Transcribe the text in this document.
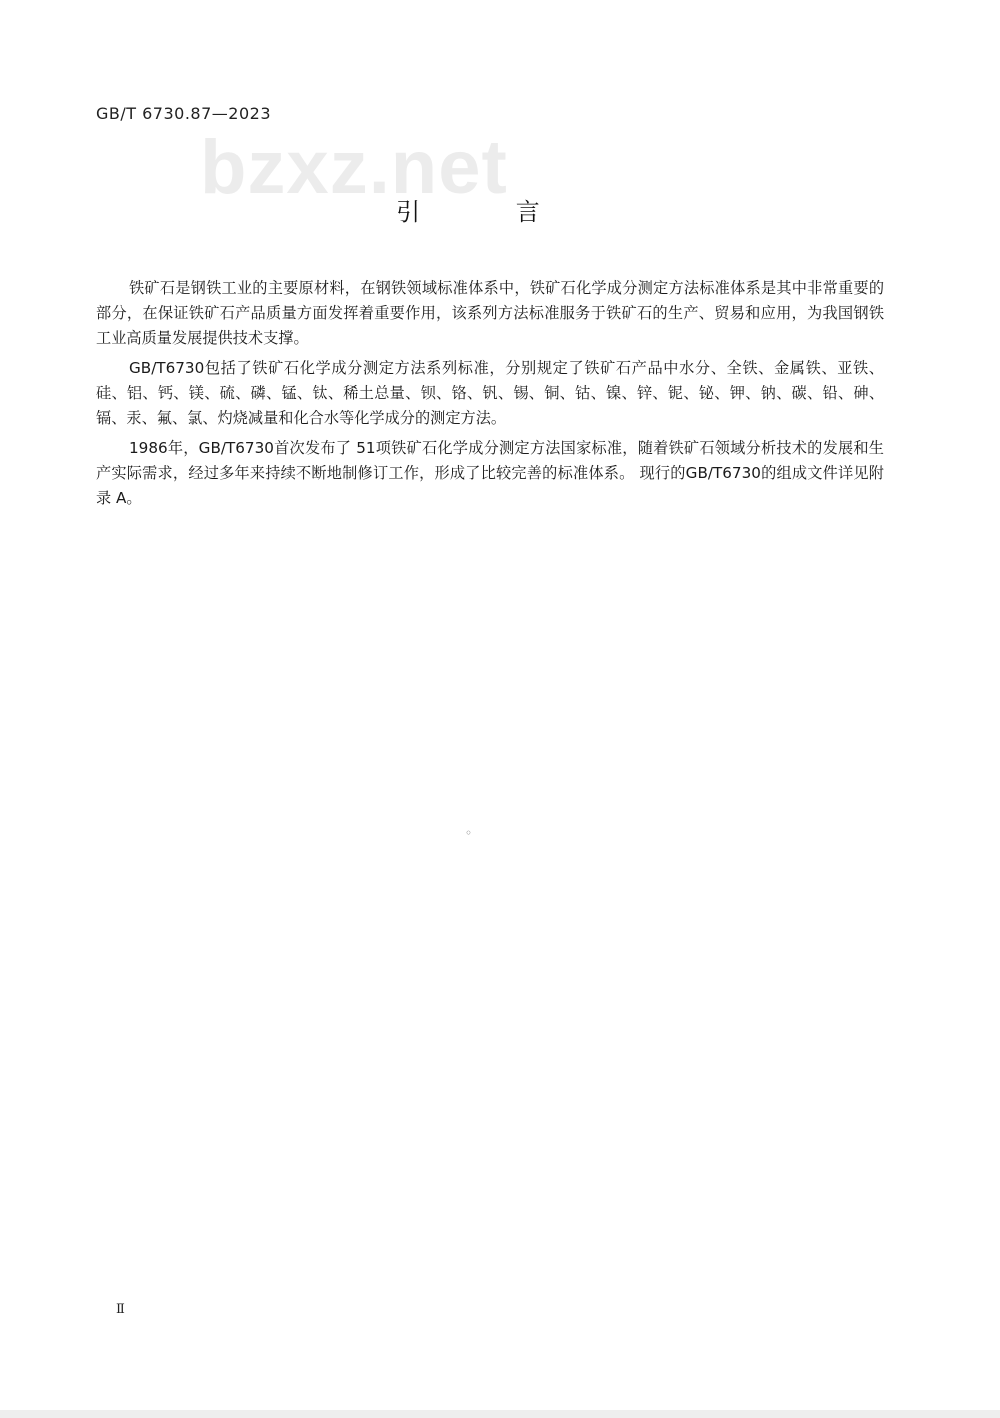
GB/T 6730.87—2023
bzxz.net
引 言

铁矿石是钢铁工业的主要原材料，在钢铁领域标准体系中，铁矿石化学成分测定方法标准体系是其中非常重要的部分，在保证铁矿石产品质量方面发挥着重要作用，该系列方法标准服务于铁矿石的生产、贸易和应用，为我国钢铁工业高质量发展提供技术支撑。

GB/T6730包括了铁矿石化学成分测定方法系列标准，分别规定了铁矿石产品中水分、全铁、金属铁、亚铁、硅、铝、钙、镁、硫、磷、锰、钛、稀土总量、钡、铬、钒、锡、铜、钴、镍、锌、铌、铋、钾、钠、碳、铅、砷、镉、汞、氟、氯、灼烧减量和化合水等化学成分的测定方法。

1986年，GB/T6730首次发布了 51项铁矿石化学成分测定方法国家标准，随着铁矿石领域分析技术的发展和生产实际需求，经过多年来持续不断地制修订工作，形成了比较完善的标准体系。 现行的GB/T6730的组成文件详见附录 A。

◦
Ⅱ
